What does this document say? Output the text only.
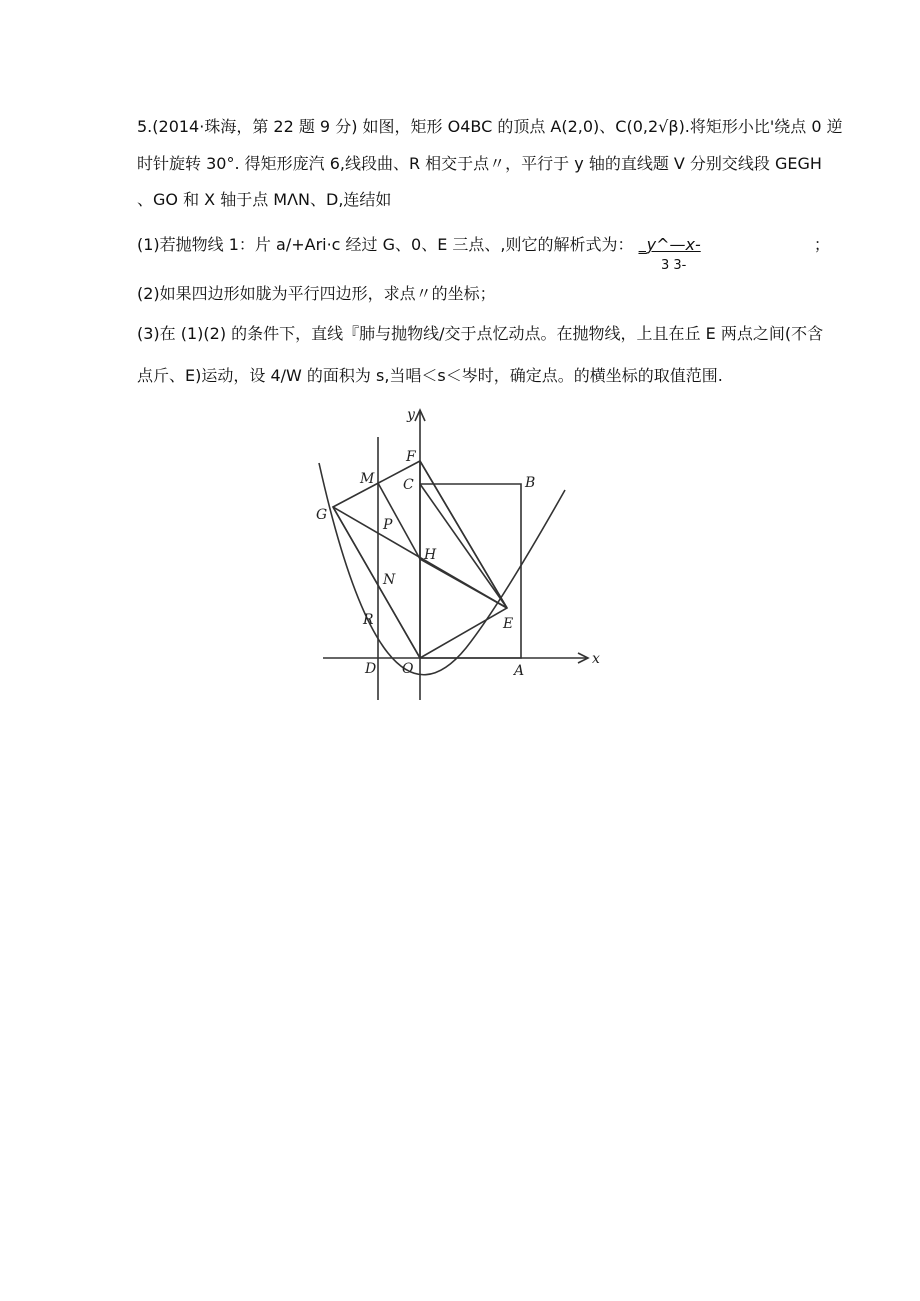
5.(2014·珠海，第 22 题 9 分) 如图，矩形 O4BC 的顶点 A(2,0)、C(0,2√β).将矩形小比'绕点 0 逆
时针旋转 30°. 得矩形庞汽 6,线段曲、R 相交于点〃，平行于 y 轴的直线题 V 分别交线段 GEGH
、GO 和 X 轴于点 MΛN、D,连结如
(1)若抛物线 1：片 a∕+Ari·c 经过 G、0、E 三点、,则它的解析式为： _y^—x-	；
3 3-
(2)如果四边形如胧为平行四边形，求点〃的坐标；
(3)在 (1)(2) 的条件下，直线『肺与抛物线/交于点忆动点。在抛物线，上且在丘 E 两点之间(不含
点斤、E)运动，设 4/W 的面积为 s,当唱＜s＜岑时，确定点。的横坐标的取值范围.
y
x
F
M C	B
G
P
H
N
E
R
D O	A
